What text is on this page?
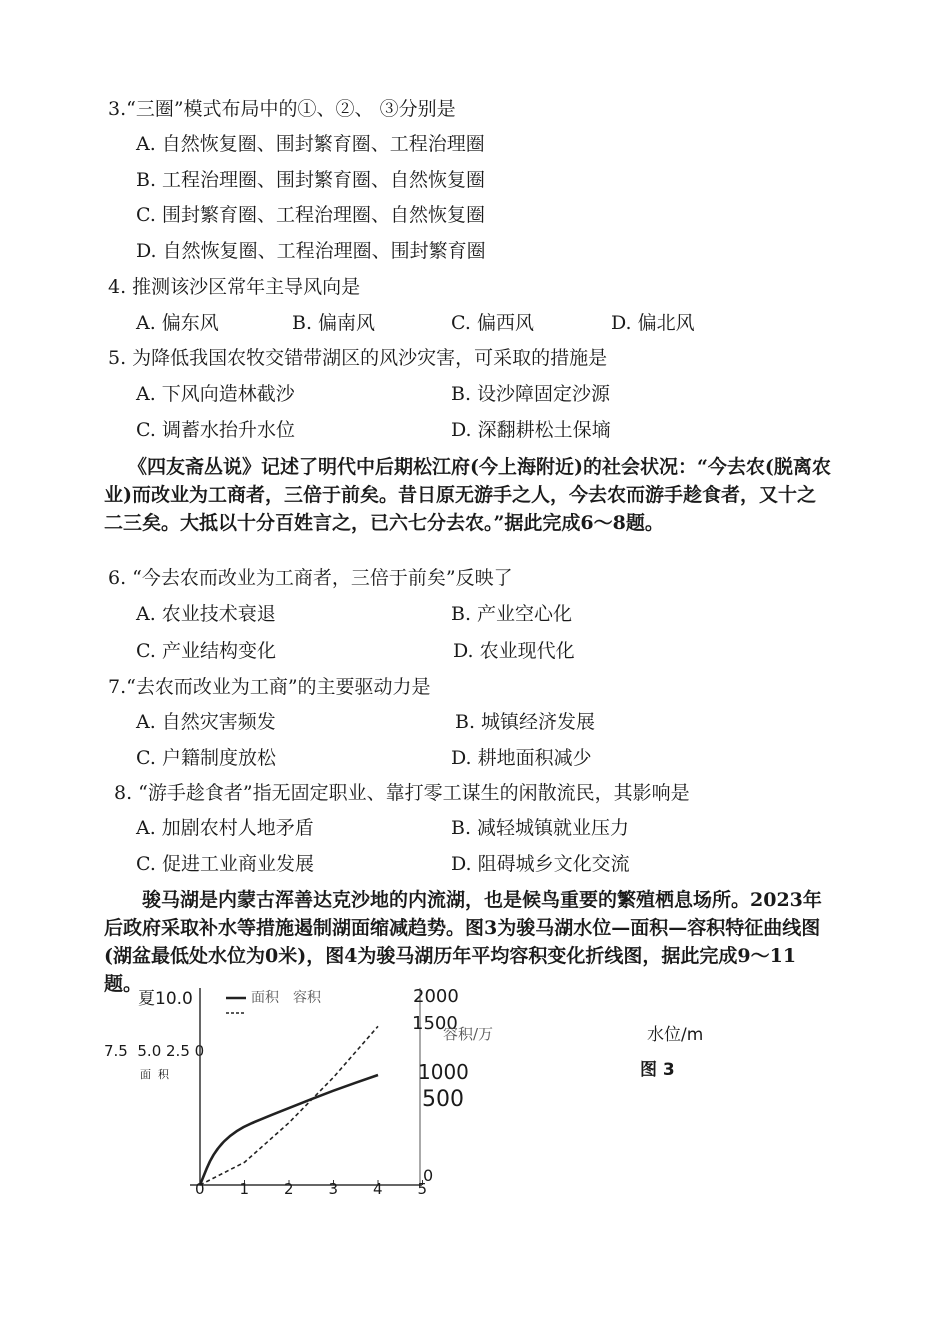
3.“三圈”模式布局中的①、②、 ③分别是
A. 自然恢复圈、围封繁育圈、工程治理圈
B. 工程治理圈、围封繁育圈、自然恢复圈
C. 围封繁育圈、工程治理圈、自然恢复圈
D. 自然恢复圈、工程治理圈、围封繁育圈
4. 推测该沙区常年主导风向是
A. 偏东风	B. 偏南风	C. 偏西风	D. 偏北风
5. 为降低我国农牧交错带湖区的风沙灾害，可采取的措施是
A. 下风向造林截沙	B. 设沙障固定沙源
C. 调蓄水抬升水位	D. 深翻耕松土保墒
《四友斋丛说》记述了明代中后期松江府(今上海附近)的社会状况：“今去农(脱离农业)而改业为工商者，三倍于前矣。昔日原无游手之人，今去农而游手趁食者，又十之二三矣。大抵以十分百姓言之，已六七分去农。”据此完成6～8题。
6. “今去农而改业为工商者，三倍于前矣”反映了
A. 农业技术衰退	B. 产业空心化
C. 产业结构变化	D. 农业现代化
7.“去农而改业为工商”的主要驱动力是
A. 自然灾害频发	B. 城镇经济发展
C. 户籍制度放松	D. 耕地面积减少
8. “游手趁食者”指无固定职业、靠打零工谋生的闲散流民，其影响是
A. 加剧农村人地矛盾	B. 减轻城镇就业压力
C. 促进工业商业发展	D. 阻碍城乡文化交流
骏马湖是内蒙古浑善达克沙地的内流湖，也是候鸟重要的繁殖栖息场所。2023年后政府采取补水等措施遏制湖面缩减趋势。图3为骏马湖水位—面积—容积特征曲线图(湖盆最低处水位为0米)，图4为骏马湖历年平均容积变化折线图，据此完成9～11题。
夏10.0
7.5  5.0 2.5 0
面  积
面积 容积
0 1 2 3 4 5
2000
1500
容积/万
1000
500
0
水位/m
图 3
